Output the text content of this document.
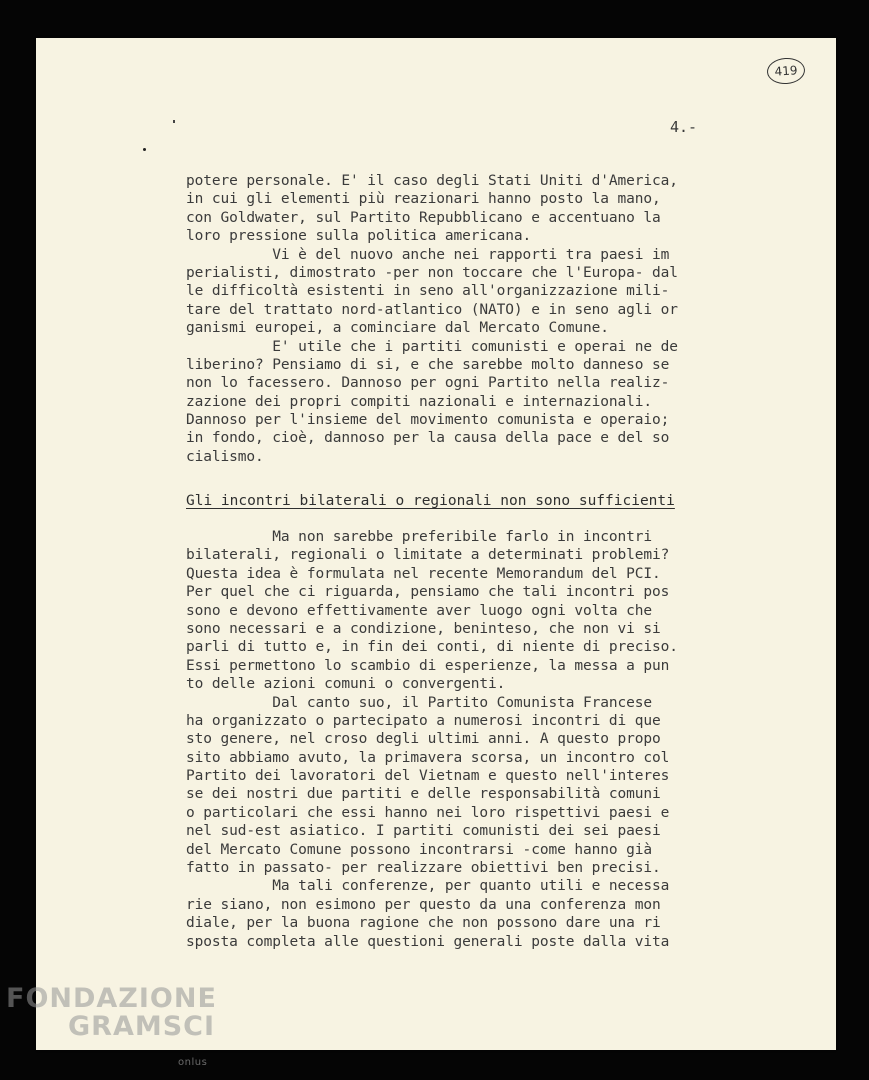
419
4.-
potere personale. E' il caso degli Stati Uniti d'America,
in cui gli elementi più reazionari hanno posto la mano,
con Goldwater, sul Partito Repubblicano e accentuano la
loro pressione sulla politica americana.
Vi è del nuovo anche nei rapporti tra paesi im
perialisti, dimostrato -per non toccare che l'Europa- dal
le difficoltà esistenti in seno all'organizzazione mili-
tare del trattato nord-atlantico (NATO) e in seno agli or
ganismi europei, a cominciare dal Mercato Comune.
E' utile che i partiti comunisti e operai ne de
liberino? Pensiamo di si, e che sarebbe molto danneso se
non lo facessero. Dannoso per ogni Partito nella realiz-
zazione dei propri compiti nazionali e internazionali.
Dannoso per l'insieme del movimento comunista e operaio;
in fondo, cioè, dannoso per la causa della pace e del so
cialismo.
Gli incontri bilaterali o regionali non sono sufficienti
Ma non sarebbe preferibile farlo in incontri
bilaterali, regionali o limitate a determinati problemi?
Questa idea è formulata nel recente Memorandum del PCI.
Per quel che ci riguarda, pensiamo che tali incontri pos
sono e devono effettivamente aver luogo ogni volta che
sono necessari e a condizione, beninteso, che non vi si
parli di tutto e, in fin dei conti, di niente di preciso.
Essi permettono lo scambio di esperienze, la messa a pun
to delle azioni comuni o convergenti.
Dal canto suo, il Partito Comunista Francese
ha organizzato o partecipato a numerosi incontri di que
sto genere, nel croso degli ultimi anni. A questo propo
sito abbiamo avuto, la primavera scorsa, un incontro col
Partito dei lavoratori del Vietnam e questo nell'interes
se dei nostri due partiti e delle responsabilità comuni
o particolari che essi hanno nei loro rispettivi paesi e
nel sud-est asiatico. I partiti comunisti dei sei paesi
del Mercato Comune possono incontrarsi -come hanno già
fatto in passato- per realizzare obiettivi ben precisi.
Ma tali conferenze, per quanto utili e necessa
rie siano, non esimono per questo da una conferenza mon
diale, per la buona ragione che non possono dare una ri
sposta completa alle questioni generali poste dalla vita
FONDAZIONE
GRAMSCI
onlus
